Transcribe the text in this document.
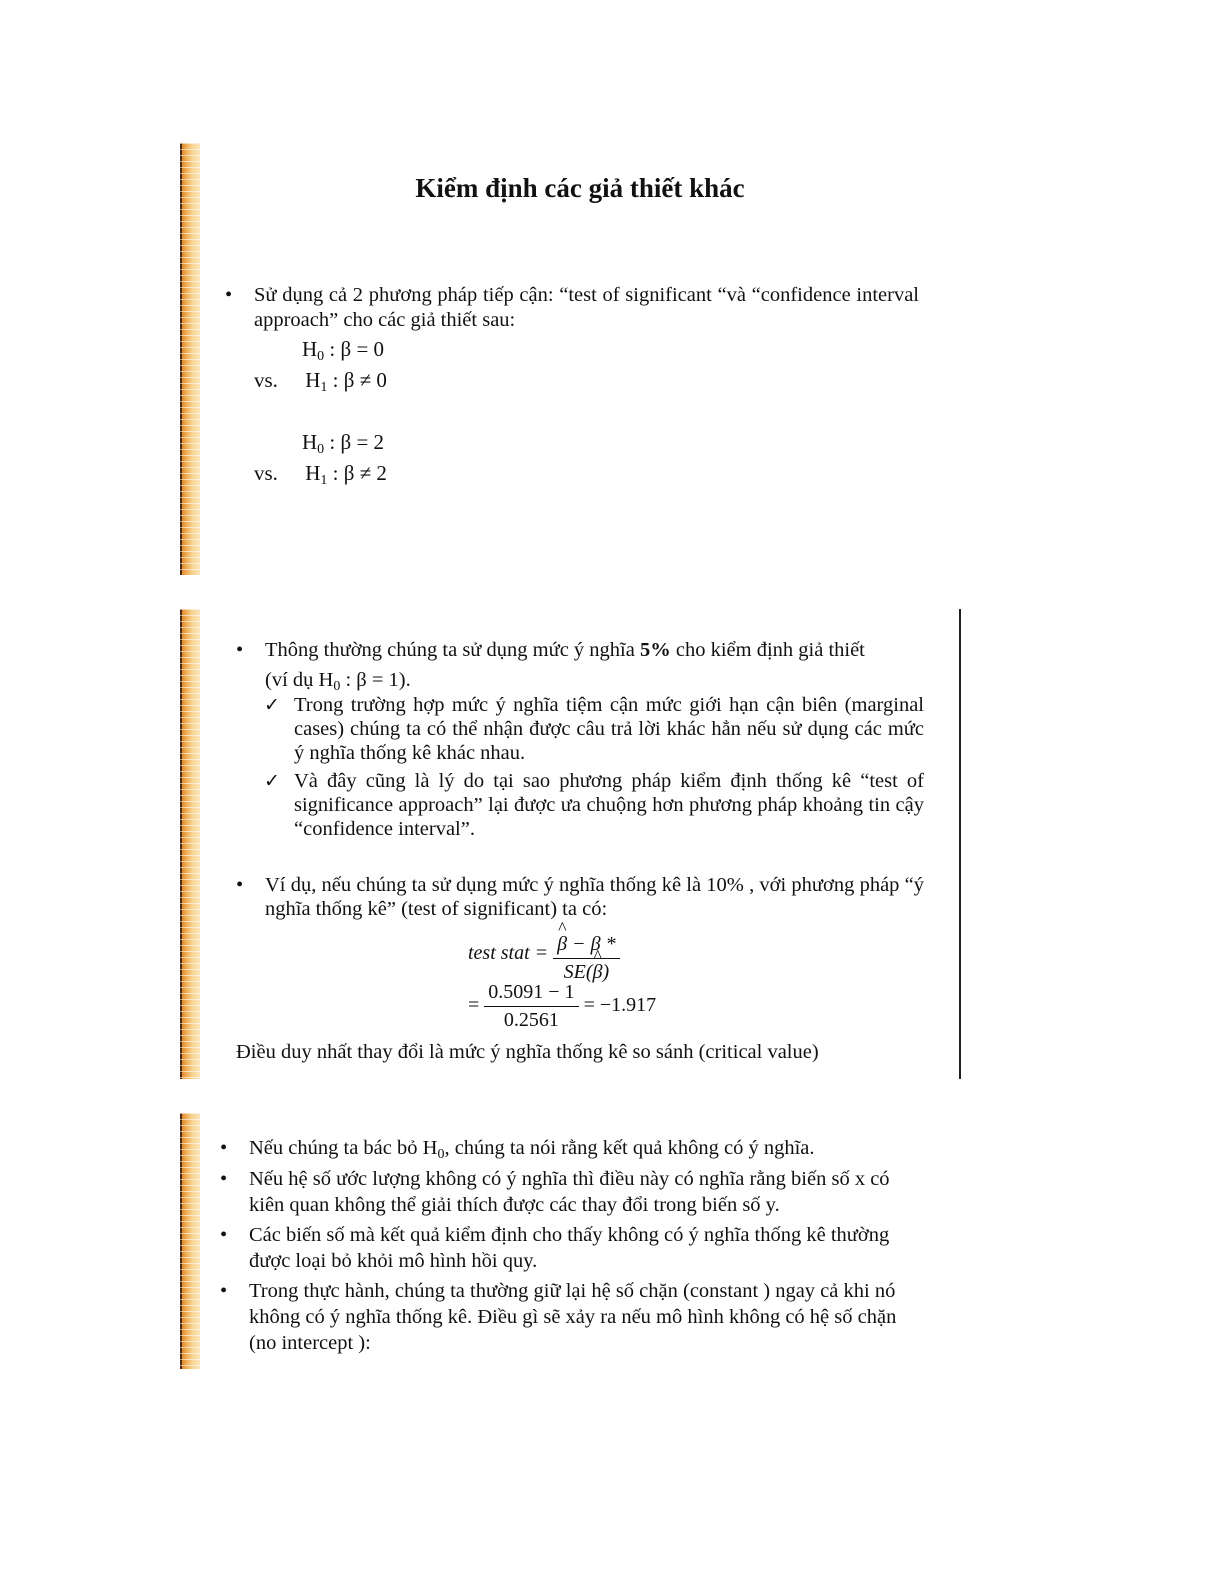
Kiểm định các giả thiết khác
• Sử dụng cả 2 phương pháp tiếp cận: “test of significant “và “confidence interval approach” cho các giả thiết sau:
$H_0$ : β = 0
vs. $H_1$ : β ≠ 0
$H_0$ : β = 2
vs. $H_1$ : β ≠ 2
• Thông thường chúng ta sử dụng mức ý nghĩa 5% cho kiểm định giả thiết
(ví dụ $H_0$ : β = 1).
✓ Trong trường hợp mức ý nghĩa tiệm cận mức giới hạn cận biên (marginal cases) chúng ta có thể nhận được câu trả lời khác hẳn nếu sử dụng các mức ý nghĩa thống kê khác nhau.
✓ Và đây cũng là lý do tại sao phương pháp kiểm định thống kê “test of significance approach” lại được ưa chuộng hơn phương pháp khoảng tin cậy “confidence interval”.
• Ví dụ, nếu chúng ta sử dụng mức ý nghĩa thống kê là 10% , với phương pháp “ý nghĩa thống kê” (test of significant) ta có:
test stat =
^ $\frac{\beta - \beta *}{SE(\^{} \beta)}$
= $\frac{0.5091 - 1}{0.2561} = -1.917$
Điều duy nhất thay đổi là mức ý nghĩa thống kê so sánh (critical value)
• Nếu chúng ta bác bỏ $H_0$, chúng ta nói rằng kết quả không có ý nghĩa.
• Nếu hệ số ước lượng không có ý nghĩa thì điều này có nghĩa rằng biến số x có kiên quan không thể giải thích được các thay đổi trong biến số y.
• Các biến số mà kết quả kiểm định cho thấy không có ý nghĩa thống kê thường được loại bỏ khỏi mô hình hồi quy.
• Trong thực hành, chúng ta thường giữ lại hệ số chặn (constant ) ngay cả khi nó không có ý nghĩa thống kê. Điều gì sẽ xảy ra nếu mô hình không có hệ số chặn (no intercept ):
